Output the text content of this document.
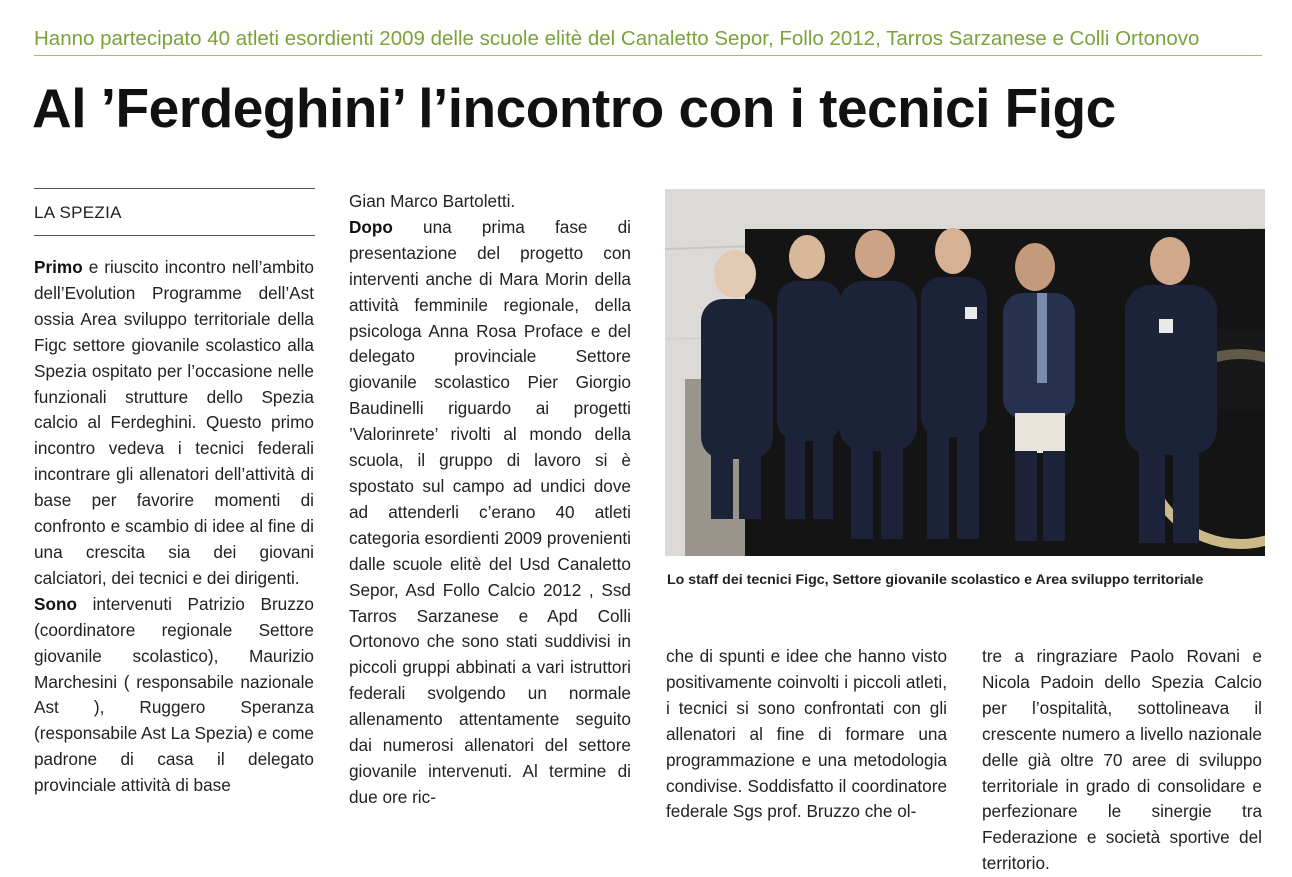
Hanno partecipato 40 atleti esordienti 2009 delle scuole elitè del Canaletto Sepor, Follo 2012, Tarros Sarzanese e Colli Ortonovo
Al ’Ferdeghini’ l’incontro con i tecnici Figc
LA SPEZIA

Primo e riuscito incontro nell’ambito dell’Evolution Programme dell’Ast ossia Area sviluppo territoriale della Figc settore giovanile scolastico alla Spezia ospitato per l’occasione nelle funzionali strutture dello Spezia calcio al Ferdeghini. Questo primo incontro vedeva i tecnici federali incontrare gli allenatori dell’attività di base per favorire momenti di confronto e scambio di idee al fine di una crescita sia dei giovani calciatori, dei tecnici e dei dirigenti.

Sono intervenuti Patrizio Bruzzo (coordinatore regionale Settore giovanile scolastico), Maurizio Marchesini ( responsabile nazionale Ast ), Ruggero Speranza (responsabile Ast La Spezia) e come padrone di casa il delegato provinciale attività di base

Gian Marco Bartoletti.

Dopo una prima fase di presentazione del progetto con interventi anche di Mara Morin della attività femminile regionale, della psicologa Anna Rosa Proface e del delegato provinciale Settore giovanile scolastico Pier Giorgio Baudinelli riguardo ai progetti ’Valorinrete’ rivolti al mondo della scuola, il gruppo di lavoro si è spostato sul campo ad undici dove ad attenderli c’erano 40 atleti categoria esordienti 2009 provenienti dalle scuole elitè del Usd Canaletto Sepor, Asd Follo Calcio 2012 , Ssd Tarros Sarzanese e Apd Colli Ortonovo che sono stati suddivisi in piccoli gruppi abbinati a vari istruttori federali svolgendo un normale allenamento attentamente seguito dai numerosi allenatori del settore giovanile intervenuti. Al termine di due ore ric-

Lo staff dei tecnici Figc, Settore giovanile scolastico e Area sviluppo territoriale

che di spunti e idee che hanno visto positivamente coinvolti i piccoli atleti, i tecnici si sono confrontati con gli allenatori al fine di formare una programmazione e una metodologia condivise. Soddisfatto il coordinatore federale Sgs prof. Bruzzo che ol-

tre a ringraziare Paolo Rovani e Nicola Padoin dello Spezia Calcio per l’ospitalità, sottolineava il crescente numero a livello nazionale delle già oltre 70 aree di sviluppo territoriale in grado di consolidare e perfezionare le sinergie tra Federazione e società sportive del territorio.
